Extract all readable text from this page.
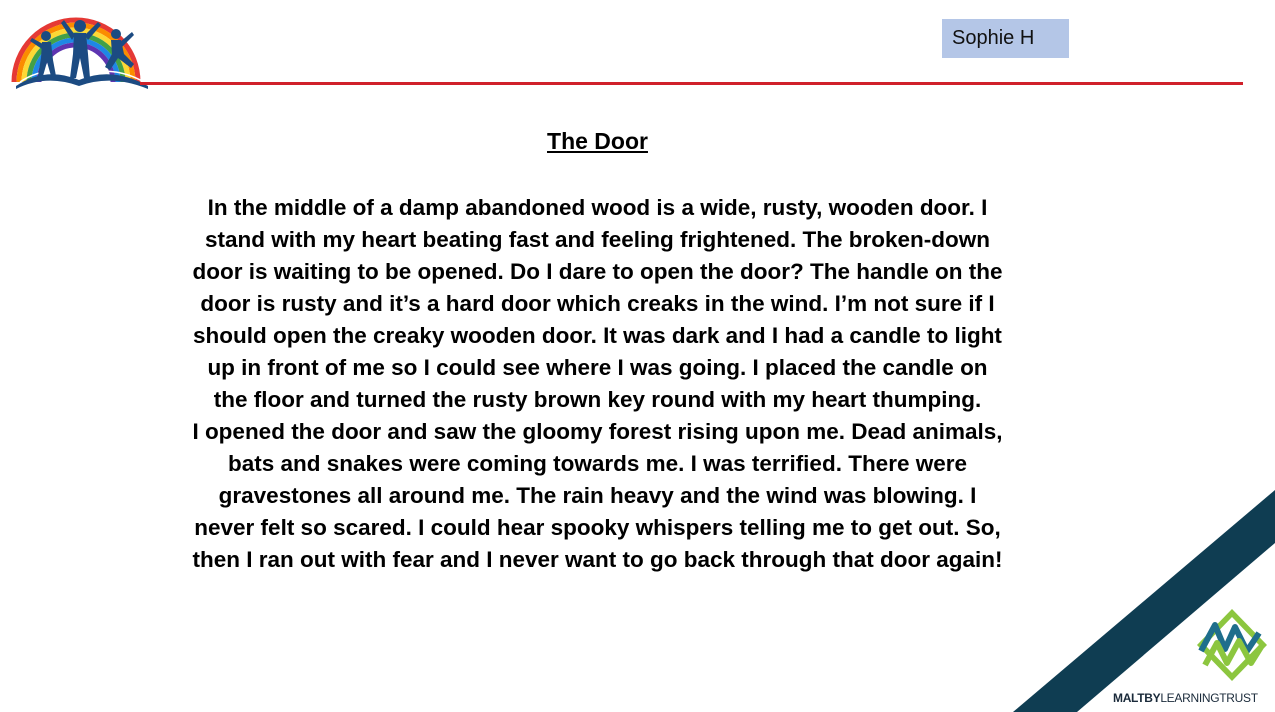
Sophie H
The Door

In the middle of a damp abandoned wood is a wide, rusty, wooden door. I stand with my heart beating fast and feeling frightened. The broken-down door is waiting to be opened. Do I dare to open the door? The handle on the door is rusty and it’s a hard door which creaks in the wind. I’m not sure if I should open the creaky wooden door. It was dark and I had a candle to light up in front of me so I could see where I was going. I placed the candle on the floor and turned the rusty brown key round with my heart thumping.

I opened the door and saw the gloomy forest rising upon me. Dead animals, bats and snakes were coming towards me. I was terrified. There were gravestones all around me. The rain heavy and the wind was blowing. I never felt so scared. I could hear spooky whispers telling me to get out. So, then I ran out with fear and I never want to go back through that door again!

MALTBYLEARNINGTRUST
